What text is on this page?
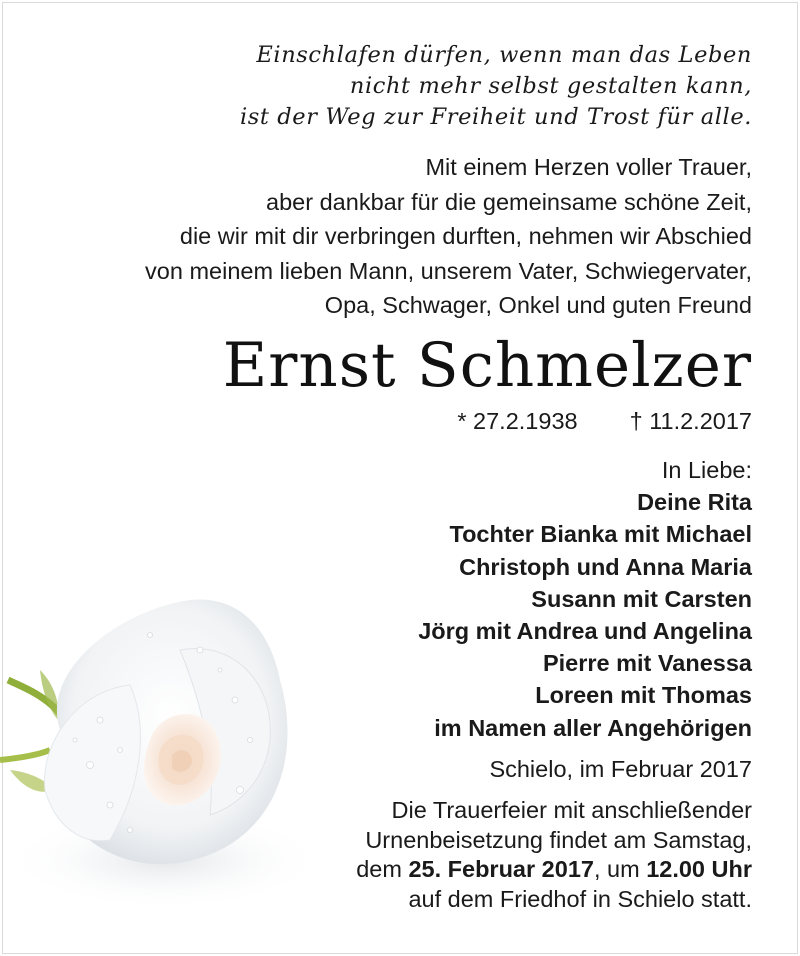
Einschlafen dürfen, wenn man das Leben
nicht mehr selbst gestalten kann,
ist der Weg zur Freiheit und Trost für alle.
Mit einem Herzen voller Trauer,
aber dankbar für die gemeinsame schöne Zeit,
die wir mit dir verbringen durften, nehmen wir Abschied
von meinem lieben Mann, unserem Vater, Schwiegervater,
Opa, Schwager, Onkel und guten Freund
Ernst Schmelzer
* 27.2.1938 † 11.2.2017
In Liebe:
Deine Rita
Tochter Bianka mit Michael
Christoph und Anna Maria
Susann mit Carsten
Jörg mit Andrea und Angelina
Pierre mit Vanessa
Loreen mit Thomas
im Namen aller Angehörigen
Schielo, im Februar 2017
Die Trauerfeier mit anschließender
Urnenbeisetzung findet am Samstag,
dem 25. Februar 2017, um 12.00 Uhr
auf dem Friedhof in Schielo statt.
